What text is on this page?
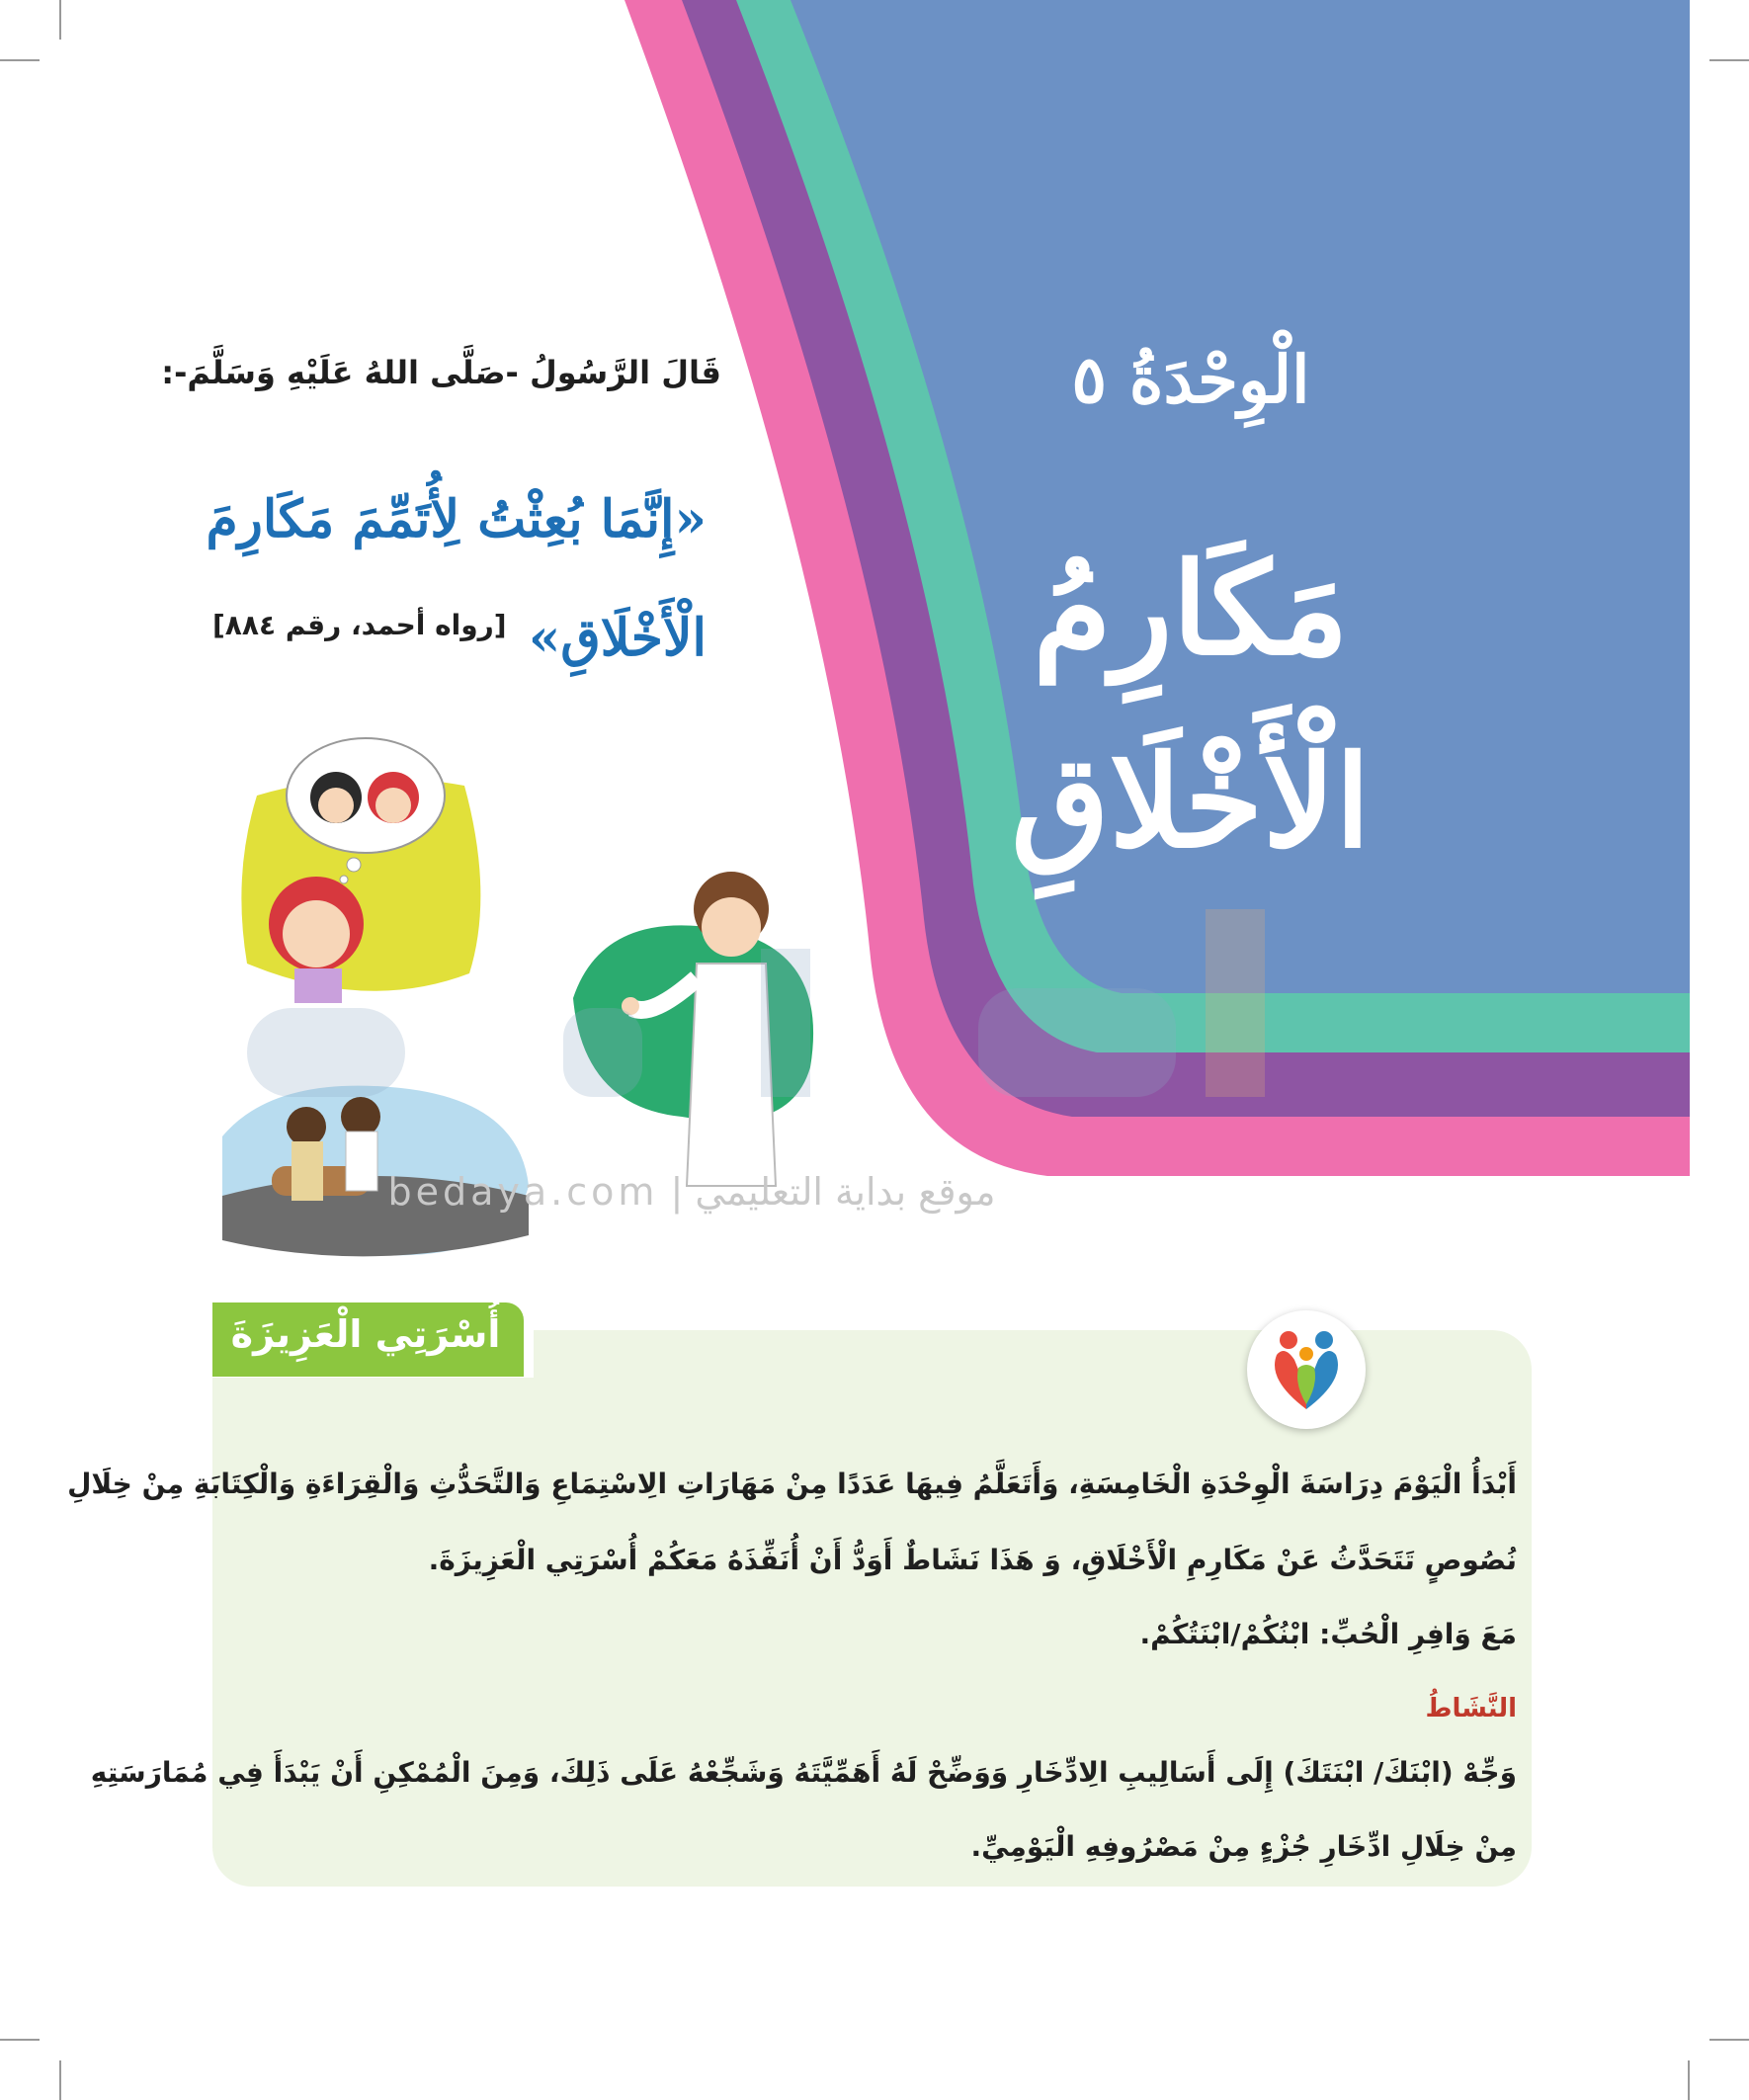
الْوِحْدَةُ ٥
مَكَارِمُ
الْأَخْلَاقِ
قَالَ الرَّسُولُ -صَلَّى اللهُ عَلَيْهِ وَسَلَّمَ-:
«إِنَّمَا بُعِثْتُ لِأُتَمِّمَ مَكَارِمَ
الْأَخْلَاقِ»
[رواه أحمد، رقم ٨٨٤]
موقع بداية التعليمي | bedaya.com
أُسْرَتِي الْعَزِيزَةَ
أَبْدَأُ الْيَوْمَ دِرَاسَةَ الْوِحْدَةِ الْخَامِسَةِ، وَأَتَعَلَّمُ فِيهَا عَدَدًا مِنْ مَهَارَاتِ الِاسْتِمَاعِ وَالتَّحَدُّثِ وَالْقِرَاءَةِ وَالْكِتَابَةِ مِنْ خِلَالِ
نُصُوصٍ تَتَحَدَّثُ عَنْ مَكَارِمِ الْأَخْلَاقِ، وَ هَذَا نَشَاطٌ أَوَدُّ أَنْ أُنَفِّذَهُ مَعَكُمْ أُسْرَتِي الْعَزِيزَةَ.
مَعَ وَافِرِ الْحُبِّ: ابْنُكُمْ/ابْنَتُكُمْ.
النَّشَاطُ
وَجِّهْ (ابْنَكَ/ ابْنَتَكَ) إِلَى أَسَالِيبِ الِادِّخَارِ وَوَضِّحْ لَهُ أَهَمِّيَّتَهُ وَشَجِّعْهُ عَلَى ذَلِكَ، وَمِنَ الْمُمْكِنِ أَنْ يَبْدَأَ فِي مُمَارَسَتِهِ
مِنْ خِلَالِ ادِّخَارِ جُزْءٍ مِنْ مَصْرُوفِهِ الْيَوْمِيِّ.
